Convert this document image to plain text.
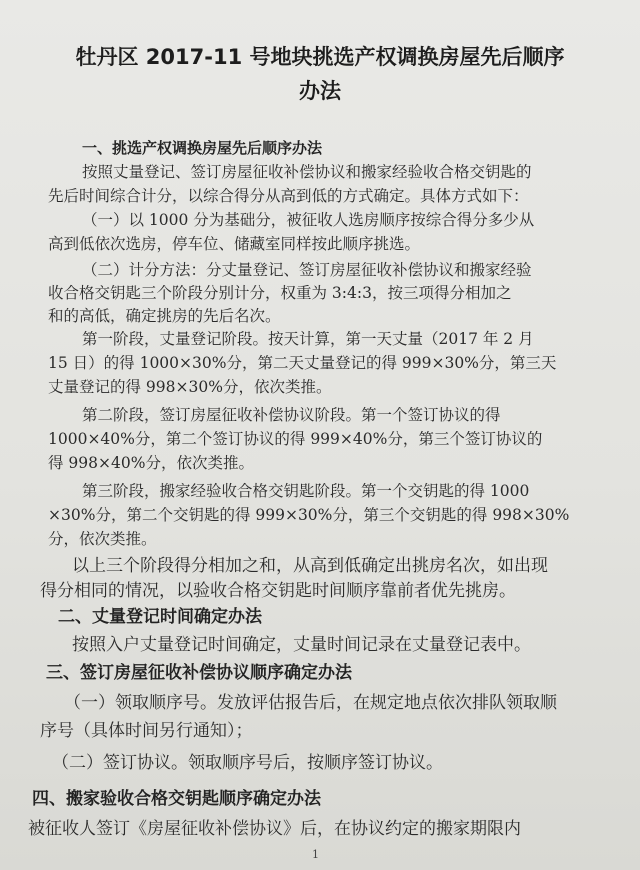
牡丹区 2017-11 号地块挑选产权调换房屋先后顺序
办法
一、挑选产权调换房屋先后顺序办法
按照丈量登记、签订房屋征收补偿协议和搬家经验收合格交钥匙的
先后时间综合计分，以综合得分从高到低的方式确定。具体方式如下：
（一）以 1000 分为基础分，被征收人选房顺序按综合得分多少从
高到低依次选房，停车位、储藏室同样按此顺序挑选。
（二）计分方法：分丈量登记、签订房屋征收补偿协议和搬家经验
收合格交钥匙三个阶段分别计分，权重为 3:4:3，按三项得分相加之
和的高低，确定挑房的先后名次。
第一阶段，丈量登记阶段。按天计算，第一天丈量（2017 年 2 月
15 日）的得 1000×30%分，第二天丈量登记的得 999×30%分，第三天
丈量登记的得 998×30%分，依次类推。
第二阶段，签订房屋征收补偿协议阶段。第一个签订协议的得
1000×40%分，第二个签订协议的得 999×40%分，第三个签订协议的
得 998×40%分，依次类推。
第三阶段，搬家经验收合格交钥匙阶段。第一个交钥匙的得 1000
×30%分，第二个交钥匙的得 999×30%分，第三个交钥匙的得 998×30%
分，依次类推。
以上三个阶段得分相加之和，从高到低确定出挑房名次，如出现
得分相同的情况，以验收合格交钥匙时间顺序靠前者优先挑房。
二、丈量登记时间确定办法
按照入户丈量登记时间确定，丈量时间记录在丈量登记表中。
三、签订房屋征收补偿协议顺序确定办法
（一）领取顺序号。发放评估报告后，在规定地点依次排队领取顺
序号（具体时间另行通知）；
（二）签订协议。领取顺序号后，按顺序签订协议。
四、搬家验收合格交钥匙顺序确定办法
被征收人签订《房屋征收补偿协议》后，在协议约定的搬家期限内
1
